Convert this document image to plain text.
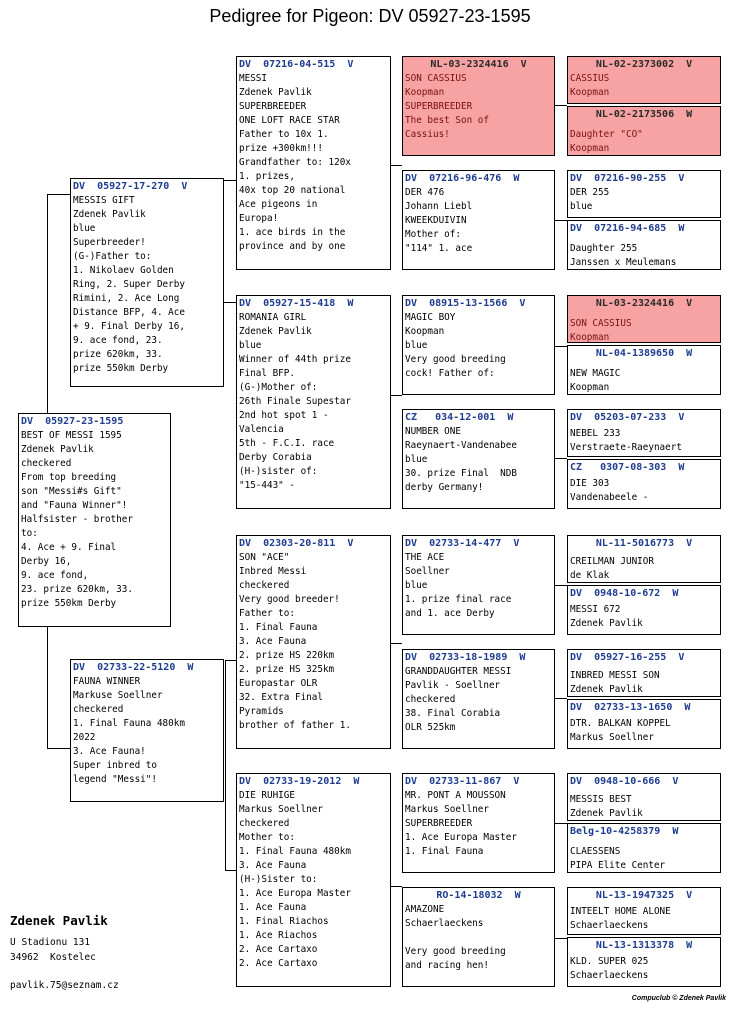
Pedigree for Pigeon: DV 05927-23-1595
DV  05927-23-1595
BEST OF MESSI 1595
Zdenek Pavlik
checkered
From top breeding
son "Messi#s Gift"
and "Fauna Winner"!
Halfsister - brother
to:
4. Ace + 9. Final
Derby 16,
9. ace fond,
23. prize 620km, 33.
prize 550km Derby
DV  05927-17-270  V
MESSIS GIFT
Zdenek Pavlik
blue
Superbreeder!
(G-)Father to:
1. Nikolaev Golden
Ring, 2. Super Derby
Rimini, 2. Ace Long
Distance BFP, 4. Ace
+ 9. Final Derby 16,
9. ace fond, 23.
prize 620km, 33.
prize 550km Derby
DV  02733-22-5120  W
FAUNA WINNER
Markuse Soellner
checkered
1. Final Fauna 480km
2022
3. Ace Fauna!
Super inbred to
legend "Messi"!
DV  07216-04-515  V
MESSI
Zdenek Pavlik
SUPERBREEDER
ONE LOFT RACE STAR
Father to 10x 1.
prize +300km!!!
Grandfather to: 120x
1. prizes,
40x top 20 national
Ace pigeons in
Europa!
1. ace birds in the
province and by one
DV  05927-15-418  W
ROMANIA GIRL
Zdenek Pavlik
blue
Winner of 44th prize
Final BFP.
(G-)Mother of:
26th Finale Supestar
2nd hot spot 1 -
Valencia
5th - F.C.I. race
Derby Corabia
(H-)sister of:
"15-443" -
DV  02303-20-811  V
SON "ACE"
Inbred Messi
checkered
Very good breeder!
Father to:
1. Final Fauna
3. Ace Fauna
2. prize HS 220km
2. prize HS 325km
Europastar OLR
32. Extra Final
Pyramids
brother of father 1.
DV  02733-19-2012  W
DIE RUHIGE
Markus Soellner
checkered
Mother to:
1. Final Fauna 480km
3. Ace Fauna
(H-)Sister to:
1. Ace Europa Master
1. Ace Fauna
1. Final Riachos
1. Ace Riachos
2. Ace Cartaxo
2. Ace Cartaxo
NL-03-2324416  V
SON CASSIUS
Koopman
SUPERBREEDER
The best Son of
Cassius!
DV  07216-96-476  W
DER 476
Johann Liebl
KWEEKDUIVIN
Mother of:
"114" 1. ace
DV  08915-13-1566  V
MAGIC BOY
Koopman
blue
Very good breeding
cock! Father of:
CZ   034-12-001  W
NUMBER ONE
Raeynaert-Vandenabee
blue
30. prize Final  NDB
derby Germany!
DV  02733-14-477  V
THE ACE
Soellner
blue
1. prize final race
and 1. ace Derby
DV  02733-18-1989  W
GRANDDAUGHTER MESSI
Pavlik - Soellner
checkered
38. Final Corabia
OLR 525km
DV  02733-11-867  V
MR. PONT A MOUSSON
Markus Soellner
SUPERBREEDER
1. Ace Europa Master
1. Final Fauna
RO-14-18032  W
AMAZONE
Schaerlaeckens

Very good breeding
and racing hen!
NL-02-2373002  V
CASSIUS
Koopman
NL-02-2173506  W
Daughter "CO"
Koopman
DV  07216-90-255  V
DER 255
blue
DV  07216-94-685  W
Daughter 255
Janssen x Meulemans
NL-03-2324416  V
SON CASSIUS
Koopman
NL-04-1389650  W
NEW MAGIC
Koopman
DV  05203-07-233  V
NEBEL 233
Verstraete-Raeynaert
CZ   0307-08-303  W
DIE 303
Vandenabeele -
NL-11-5016773  V
CREILMAN JUNIOR
de Klak
DV  0948-10-672  W
MESSI 672
Zdenek Pavlik
DV  05927-16-255  V
INBRED MESSI SON
Zdenek Pavlik
DV  02733-13-1650  W
DTR. BALKAN KOPPEL
Markus Soellner
DV  0948-10-666  V
MESSIS BEST
Zdenek Pavlik
Belg-10-4258379  W
CLAESSENS
PIPA Elite Center
NL-13-1947325  V
INTEELT HOME ALONE
Schaerlaeckens
NL-13-1313378  W
KLD. SUPER 025
Schaerlaeckens
Zdenek Pavlik
U Stadionu 131
34962  Kostelec
pavlik.75@seznam.cz
Compuclub © Zdenek Pavlik
